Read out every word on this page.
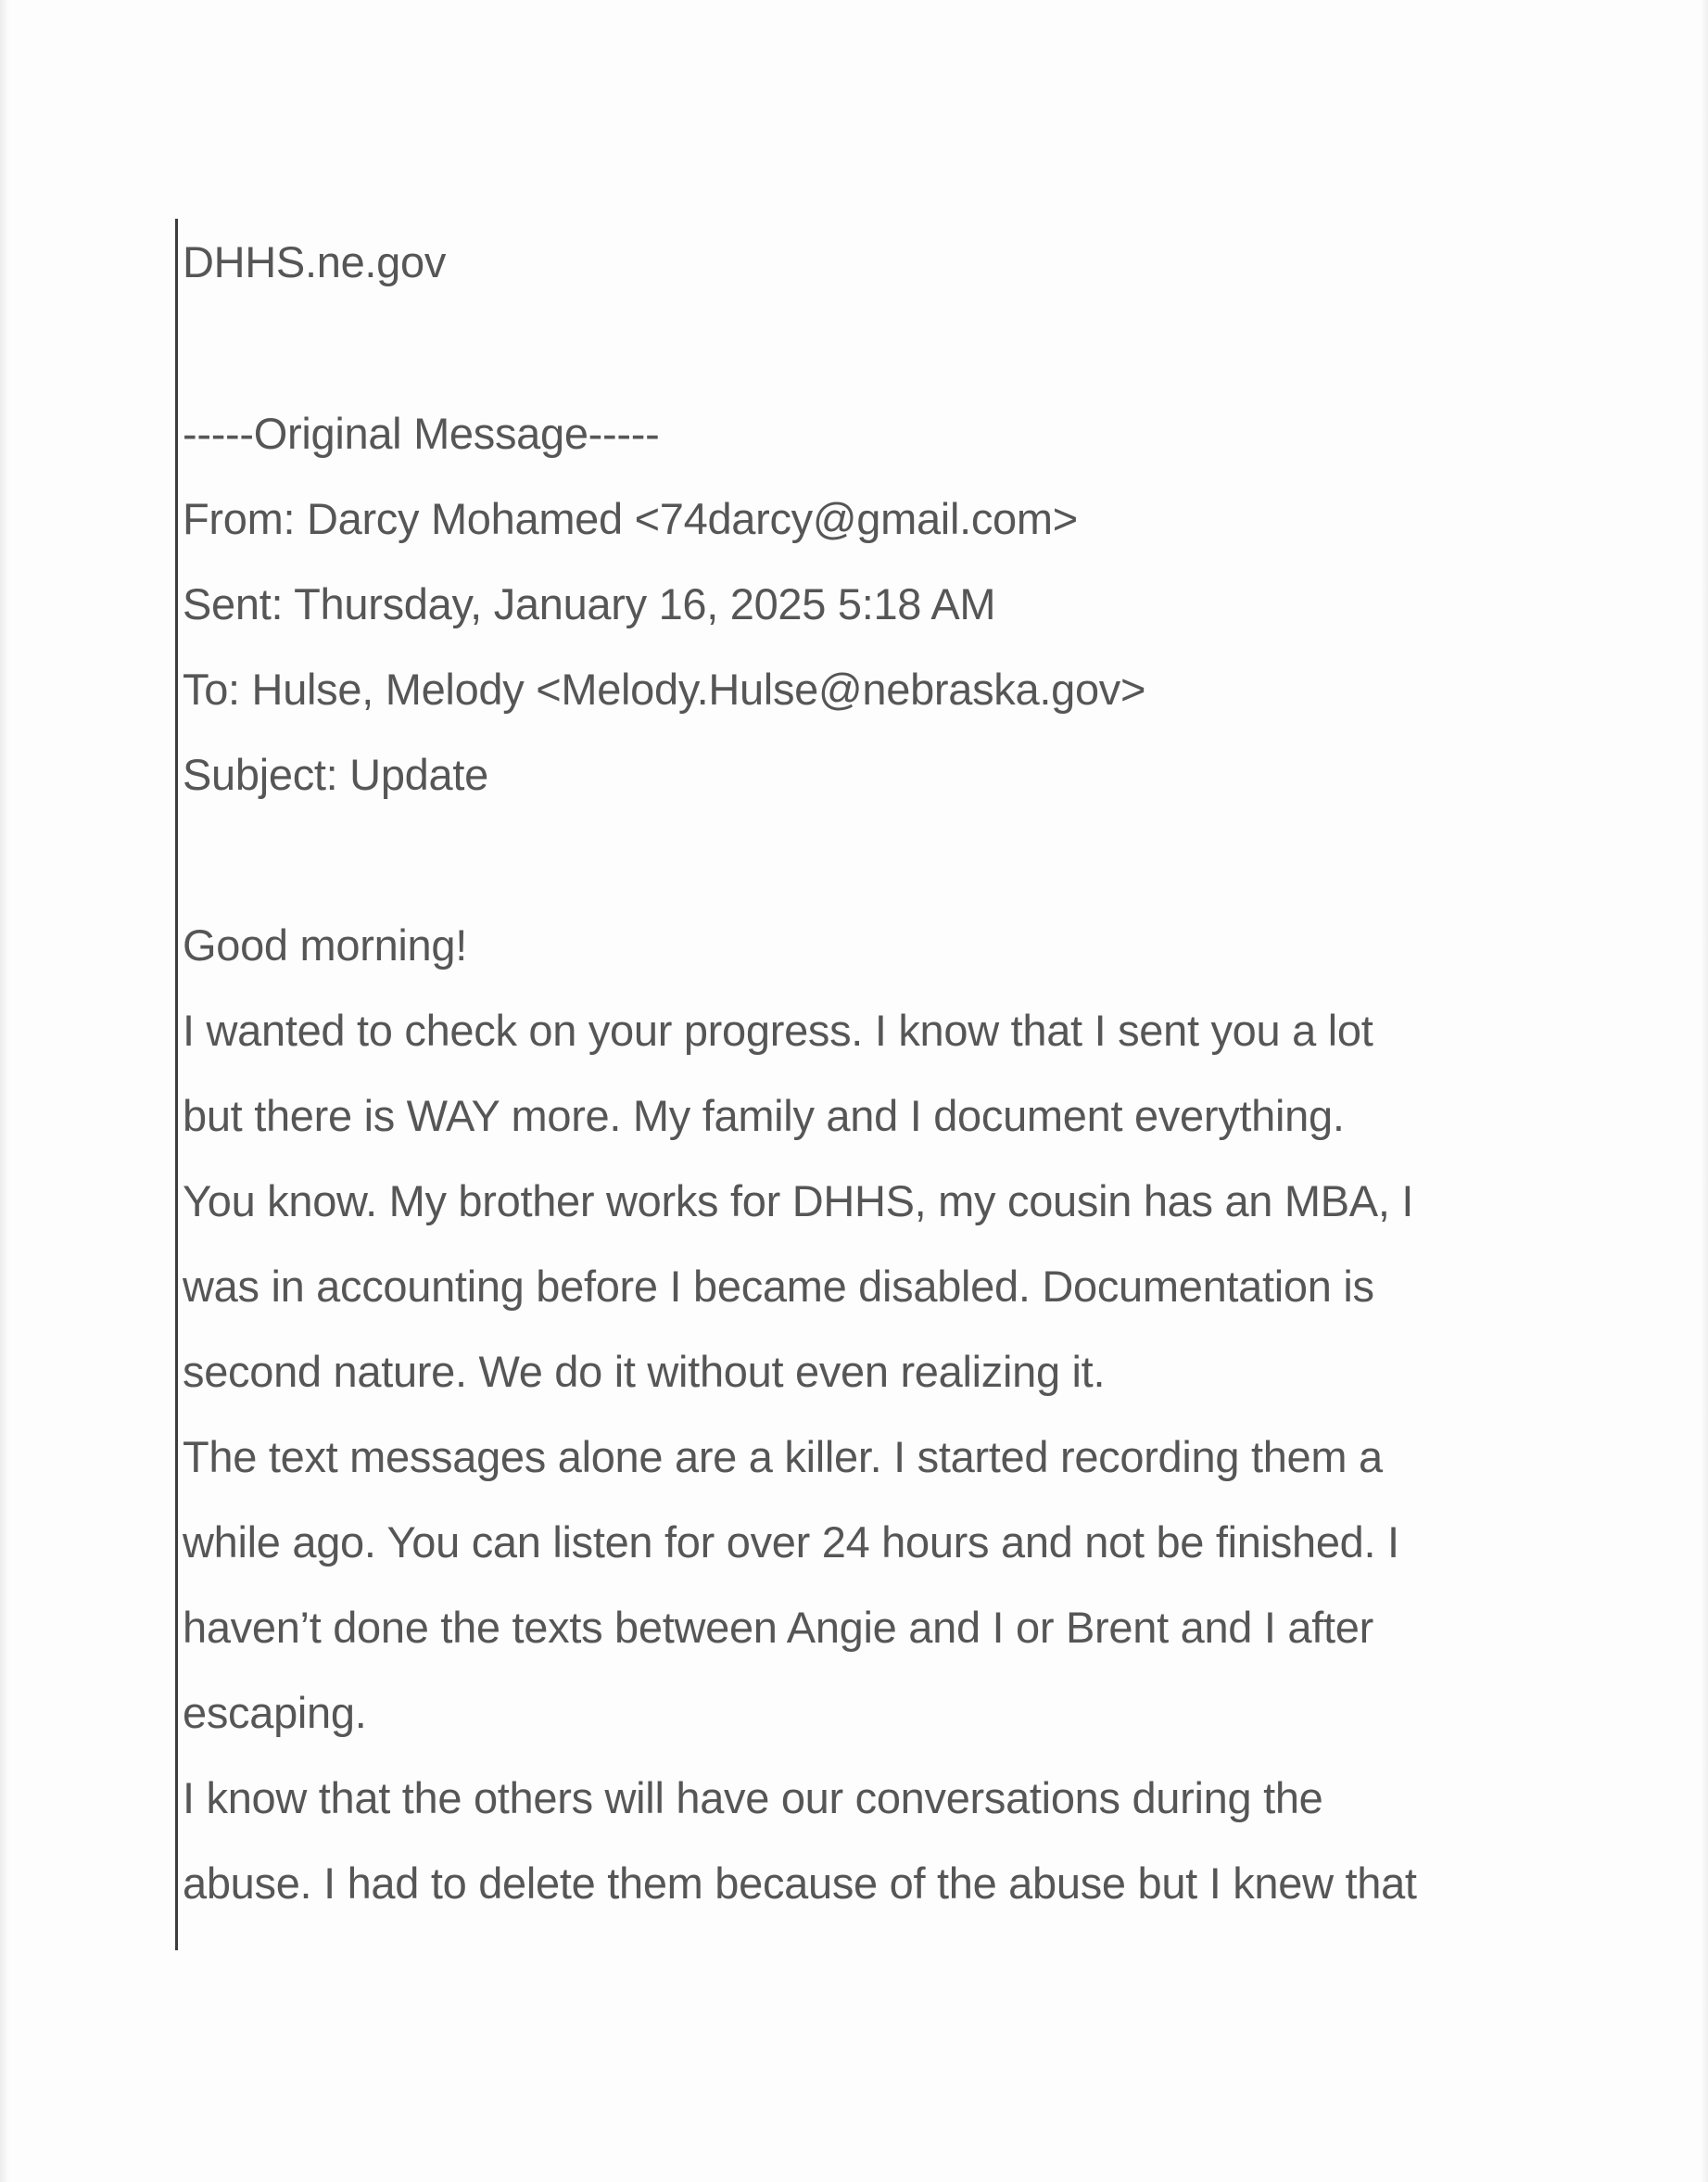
DHHS.ne.gov

-----Original Message-----

From: Darcy Mohamed <74darcy@gmail.com>

Sent: Thursday, January 16, 2025 5:18 AM

To: Hulse, Melody <Melody.Hulse@nebraska.gov>

Subject: Update

Good morning!

I wanted to check on your progress. I know that I sent you a lot

but there is WAY more. My family and I document everything.

You know. My brother works for DHHS, my cousin has an MBA, I

was in accounting before I became disabled. Documentation is

second nature. We do it without even realizing it.

The text messages alone are a killer. I started recording them a

while ago. You can listen for over 24 hours and not be finished. I

haven’t done the texts between Angie and I or Brent and I after

escaping.

I know that the others will have our conversations during the

abuse. I had to delete them because of the abuse but I knew that
